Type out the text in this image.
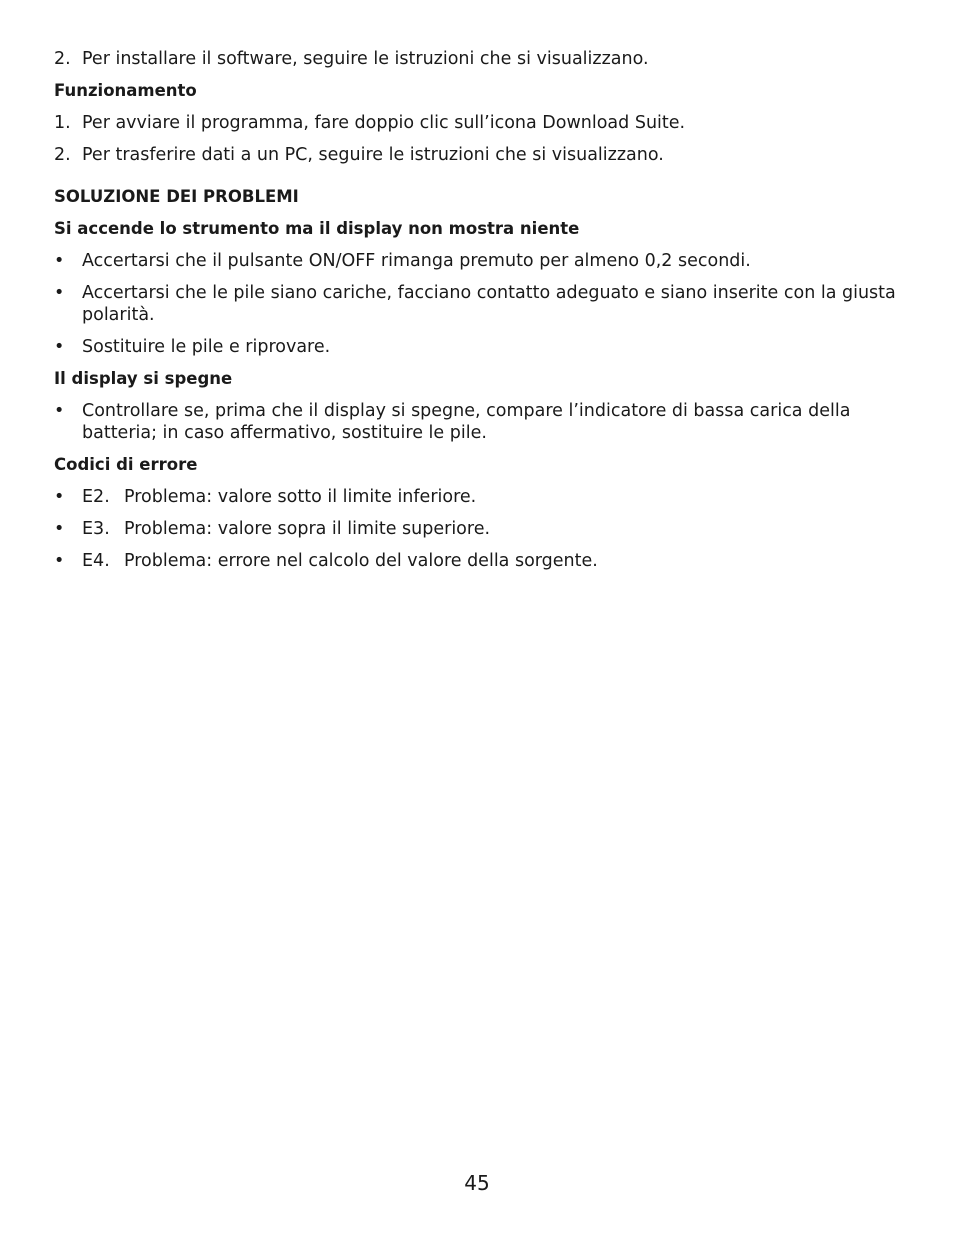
2. Per installare il software, seguire le istruzioni che si visualizzano.
Funzionamento
1. Per avviare il programma, fare doppio clic sull’icona Download Suite.
2. Per trasferire dati a un PC, seguire le istruzioni che si visualizzano.
SOLUZIONE DEI PROBLEMI
Si accende lo strumento ma il display non mostra niente
•	Accertarsi che il pulsante ON/OFF rimanga premuto per almeno 0,2 secondi.
•	Accertarsi che le pile siano cariche, facciano contatto adeguato e siano inserite con la giusta polarità.
•	Sostituire le pile e riprovare.
Il display si spegne
•	Controllare se, prima che il display si spegne, compare l’indicatore di bassa carica della batteria; in caso affermativo, sostituire le pile.
Codici di errore
•	E2. Problema: valore sotto il limite inferiore.
•	E3. Problema: valore sopra il limite superiore.
•	E4. Problema: errore nel calcolo del valore della sorgente.
45
